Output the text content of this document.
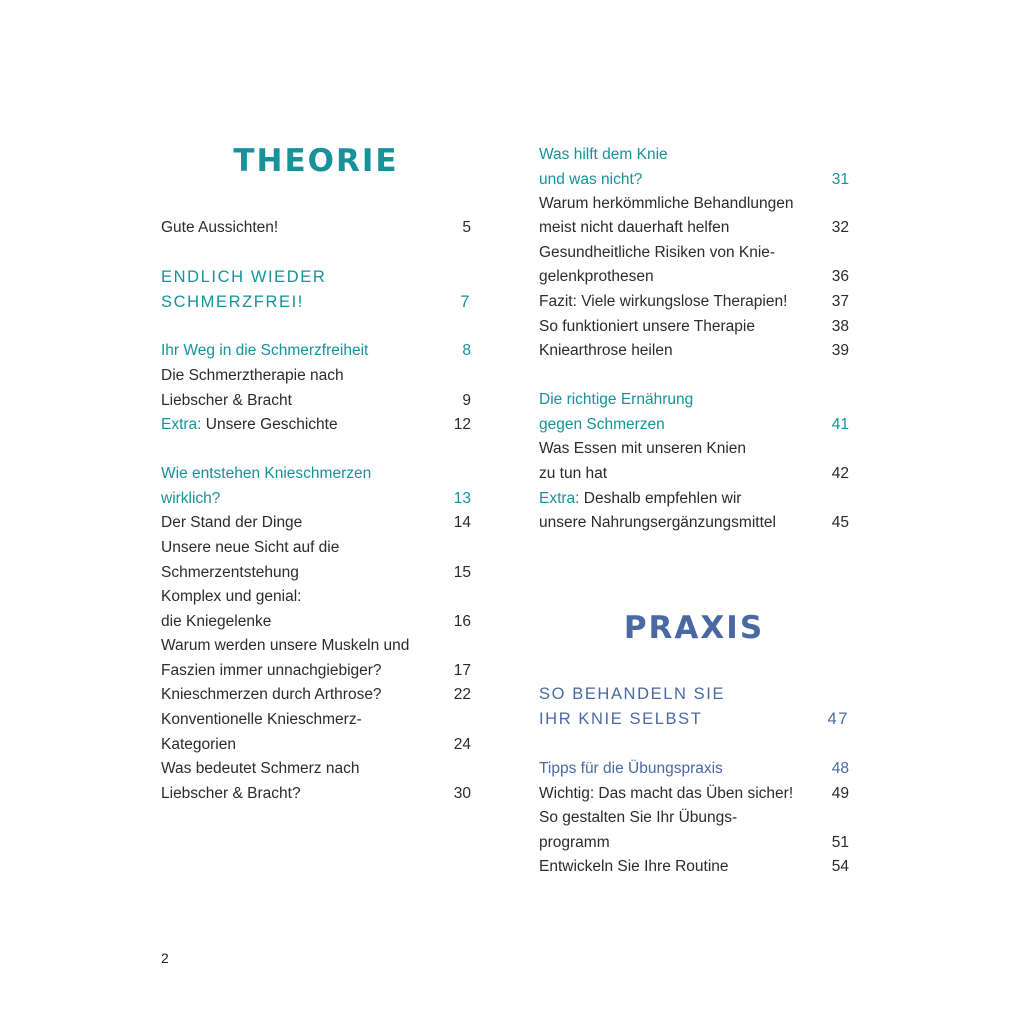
THEORIE
Gute Aussichten!	5
ENDLICH WIEDER
SCHMERZFREI!	7
Ihr Weg in die Schmerzfreiheit	8
Die Schmerztherapie nach
Liebscher & Bracht	9
Extra: Unsere Geschichte	12
Wie entstehen Knieschmerzen
wirklich?	13
Der Stand der Dinge	14
Unsere neue Sicht auf die
Schmerzentstehung	15
Komplex und genial:
die Kniegelenke	16
Warum werden unsere Muskeln und
Faszien immer unnachgiebiger?	17
Knieschmerzen durch Arthrose?	22
Konventionelle Knieschmerz-
Kategorien	24
Was bedeutet Schmerz nach
Liebscher & Bracht?	30
Was hilft dem Knie
und was nicht?	31
Warum herkömmliche Behandlungen
meist nicht dauerhaft helfen	32
Gesundheitliche Risiken von Knie-
gelenkprothesen	36
Fazit: Viele wirkungslose Therapien!	37
So funktioniert unsere Therapie	38
Kniearthrose heilen	39
Die richtige Ernährung
gegen Schmerzen	41
Was Essen mit unseren Knien
zu tun hat	42
Extra: Deshalb empfehlen wir
unsere Nahrungsergänzungsmittel	45
PRAXIS
SO BEHANDELN SIE
IHR KNIE SELBST	47
Tipps für die Übungspraxis	48
Wichtig: Das macht das Üben sicher! 49
So gestalten Sie Ihr Übungs-
programm	51
Entwickeln Sie Ihre Routine	54
2
